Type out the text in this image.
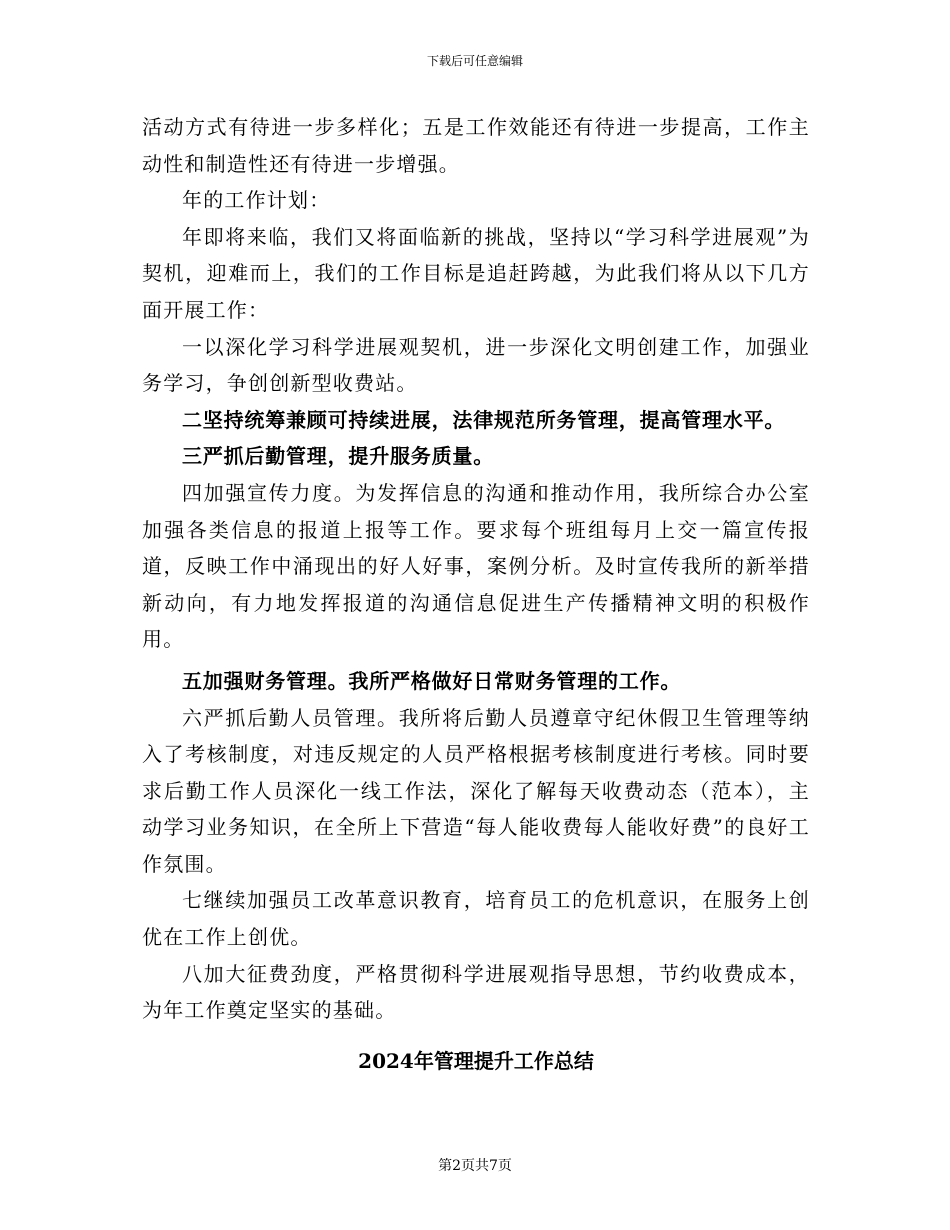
下载后可任意编辑

活动方式有待进一步多样化；五是工作效能还有待进一步提高，工作主动性和制造性还有待进一步增强。

年的工作计划：

年即将来临，我们又将面临新的挑战，坚持以“学习科学进展观”为契机，迎难而上，我们的工作目标是追赶跨越，为此我们将从以下几方面开展工作：

一以深化学习科学进展观契机，进一步深化文明创建工作，加强业务学习，争创创新型收费站。

二坚持统筹兼顾可持续进展，法律规范所务管理，提高管理水平。

三严抓后勤管理，提升服务质量。

四加强宣传力度。为发挥信息的沟通和推动作用，我所综合办公室加强各类信息的报道上报等工作。要求每个班组每月上交一篇宣传报道，反映工作中涌现出的好人好事，案例分析。及时宣传我所的新举措新动向，有力地发挥报道的沟通信息促进生产传播精神文明的积极作用。

五加强财务管理。我所严格做好日常财务管理的工作。

六严抓后勤人员管理。我所将后勤人员遵章守纪休假卫生管理等纳入了考核制度，对违反规定的人员严格根据考核制度进行考核。同时要求后勤工作人员深化一线工作法，深化了解每天收费动态（范本），主动学习业务知识，在全所上下营造“每人能收费每人能收好费”的良好工作氛围。

七继续加强员工改革意识教育，培育员工的危机意识，在服务上创优在工作上创优。

八加大征费劲度，严格贯彻科学进展观指导思想，节约收费成本，为年工作奠定坚实的基础。

2024年管理提升工作总结

第2页共7页
